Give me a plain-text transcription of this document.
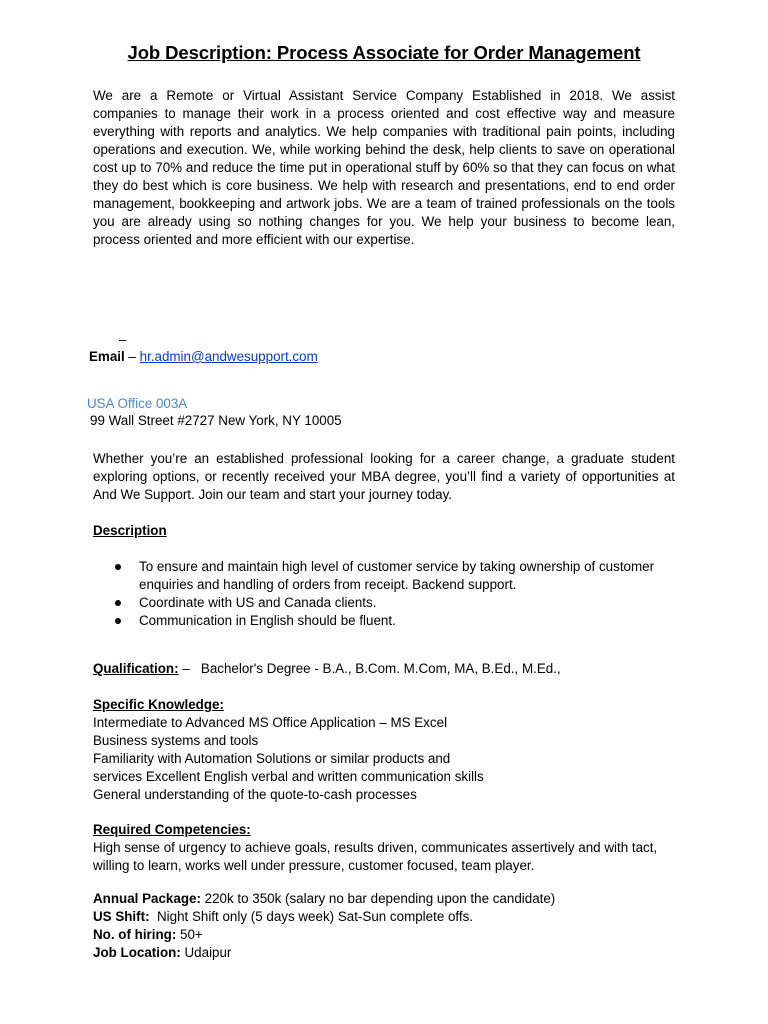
Job Description: Process Associate for Order Management
We are a Remote or Virtual Assistant Service Company Established in 2018. We assist companies to manage their work in a process oriented and cost effective way and measure everything with reports and analytics. We help companies with traditional pain points, including operations and execution. We, while working behind the desk, help clients to save on operational cost up to 70% and reduce the time put in operational stuff by 60% so that they can focus on what they do best which is core business. We help with research and presentations, end to end order management, bookkeeping and artwork jobs. We are a team of trained professionals on the tools you are already using so nothing changes for you. We help your business to become lean, process oriented and more efficient with our expertise.
–
Email – hr.admin@andwesupport.com
USA Office 003A
99 Wall Street #2727 New York, NY 10005
Whether you’re an established professional looking for a career change, a graduate student exploring options, or recently received your MBA degree, you’ll find a variety of opportunities at And We Support. Join our team and start your journey today.
Description
To ensure and maintain high level of customer service by taking ownership of customer enquiries and handling of orders from receipt. Backend support.
Coordinate with US and Canada clients.
Communication in English should be fluent.
Qualification: –   Bachelor's Degree - B.A., B.Com. M.Com, MA, B.Ed., M.Ed.,
Specific Knowledge:
Intermediate to Advanced MS Office Application – MS Excel
Business systems and tools
Familiarity with Automation Solutions or similar products and
services Excellent English verbal and written communication skills
General understanding of the quote-to-cash processes
Required Competencies:
High sense of urgency to achieve goals, results driven, communicates assertively and with tact, willing to learn, works well under pressure, customer focused, team player.
Annual Package: 220k to 350k (salary no bar depending upon the candidate)
US Shift:  Night Shift only (5 days week) Sat-Sun complete offs.
No. of hiring: 50+
Job Location: Udaipur
